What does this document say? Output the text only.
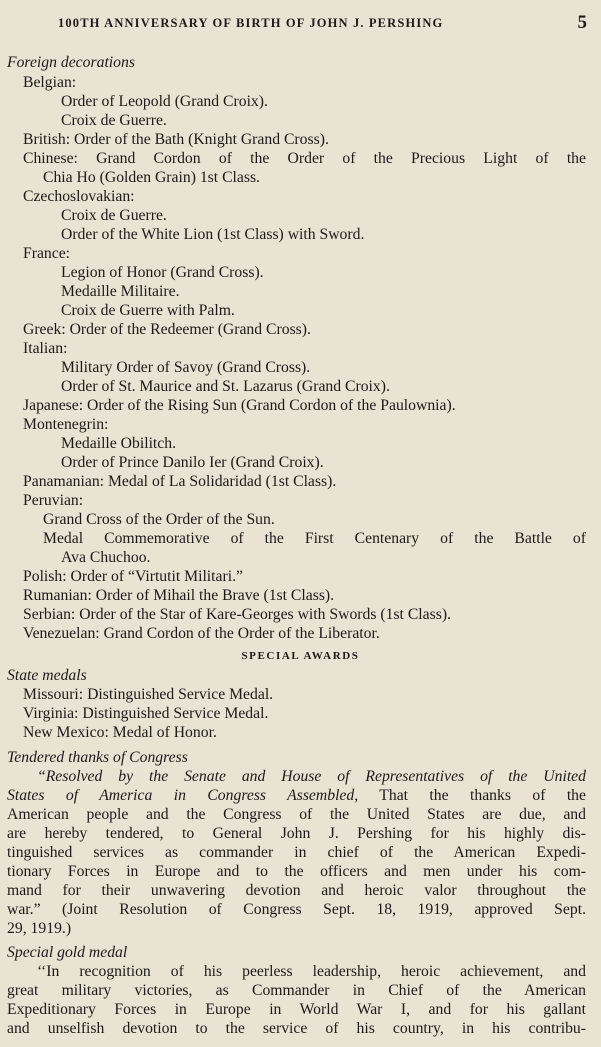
100TH ANNIVERSARY OF BIRTH OF JOHN J. PERSHING	5
Foreign decorations
Belgian:
Order of Leopold (Grand Croix).
Croix de Guerre.
British: Order of the Bath (Knight Grand Cross).
Chinese: Grand Cordon of the Order of the Precious Light of the
Chia Ho (Golden Grain) 1st Class.
Czechoslovakian:
Croix de Guerre.
Order of the White Lion (1st Class) with Sword.
France:
Legion of Honor (Grand Cross).
Medaille Militaire.
Croix de Guerre with Palm.
Greek: Order of the Redeemer (Grand Cross).
Italian:
Military Order of Savoy (Grand Cross).
Order of St. Maurice and St. Lazarus (Grand Croix).
Japanese: Order of the Rising Sun (Grand Cordon of the Paulownia).
Montenegrin:
Medaille Obilitch.
Order of Prince Danilo Ier (Grand Croix).
Panamanian: Medal of La Solidaridad (1st Class).
Peruvian:
Grand Cross of the Order of the Sun.
Medal Commemorative of the First Centenary of the Battle of
Ava Chuchoo.
Polish: Order of “Virtutit Militari.”
Rumanian: Order of Mihail the Brave (1st Class).
Serbian: Order of the Star of Kare-Georges with Swords (1st Class).
Venezuelan: Grand Cordon of the Order of the Liberator.
SPECIAL AWARDS
State medals
Missouri: Distinguished Service Medal.
Virginia: Distinguished Service Medal.
New Mexico: Medal of Honor.
Tendered thanks of Congress
“Resolved by the Senate and House of Representatives of the United
States of America in Congress Assembled, That the thanks of the
American people and the Congress of the United States are due, and
are hereby tendered, to General John J. Pershing for his highly dis-
tinguished services as commander in chief of the American Expedi-
tionary Forces in Europe and to the officers and men under his com-
mand for their unwavering devotion and heroic valor throughout the
war.” (Joint Resolution of Congress Sept. 18, 1919, approved Sept.
29, 1919.)
Special gold medal
‘‘In recognition of his peerless leadership, heroic achievement, and
great military victories, as Commander in Chief of the American
Expeditionary Forces in Europe in World War I, and for his gallant
and unselfish devotion to the service of his country, in his contribu-
